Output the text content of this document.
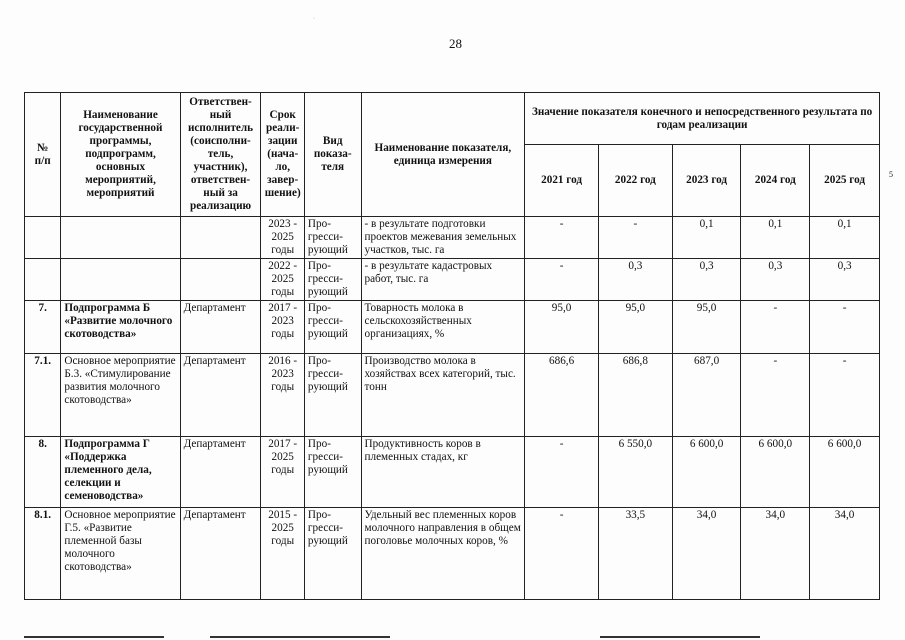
·
28
5
№
п/п	Наименование государственной программы, подпрограмм, основных мероприятий, мероприятий	Ответствен-ный исполнитель (соисполни-тель, участник), ответствен-ный за реализацию	Срок реали-зации (нача-ло, завер-шение)	Вид показа-теля	Наименование показателя, единица измерения	Значение показателя конечного и непосредственного результата по годам реализации				
						2021 год	2022 год	2023 год	2024 год	2025 год
			2023 -
2025
годы	Про-
гресси-
рующий	- в результате подготовки проектов межевания земельных участков, тыс. га	-	-	0,1	0,1	0,1
			2022 -
2025
годы	Про-
гресси-
рующий	- в результате кадастровых работ, тыс. га	-	0,3	0,3	0,3	0,3
7.	Подпрограмма Б «Развитие молочного скотоводства»	Департамент	2017 -
2023
годы	Про-
гресси-
рующий	Товарность молока в сельскохозяйственных организациях, %	95,0	95,0	95,0	-	-
7.1.	Основное мероприятие Б.3. «Стимулирование развития молочного скотоводства»	Департамент	2016 -
2023
годы	Про-
гресси-
рующий	Производство молока в хозяйствах всех категорий, тыс. тонн	686,6	686,8	687,0	-	-
8.	Подпрограмма Г «Поддержка племенного дела, селекции и семеноводства»	Департамент	2017 -
2025
годы	Про-
гресси-
рующий	Продуктивность коров в племенных стадах, кг	-	6 550,0	6 600,0	6 600,0	6 600,0
8.1.	Основное мероприятие Г.5. «Развитие племенной базы молочного скотоводства»	Департамент	2015 -
2025
годы	Про-
гресси-
рующий	Удельный вес племенных коров молочного направления в общем поголовье молочных коров, %	-	33,5	34,0	34,0	34,0
